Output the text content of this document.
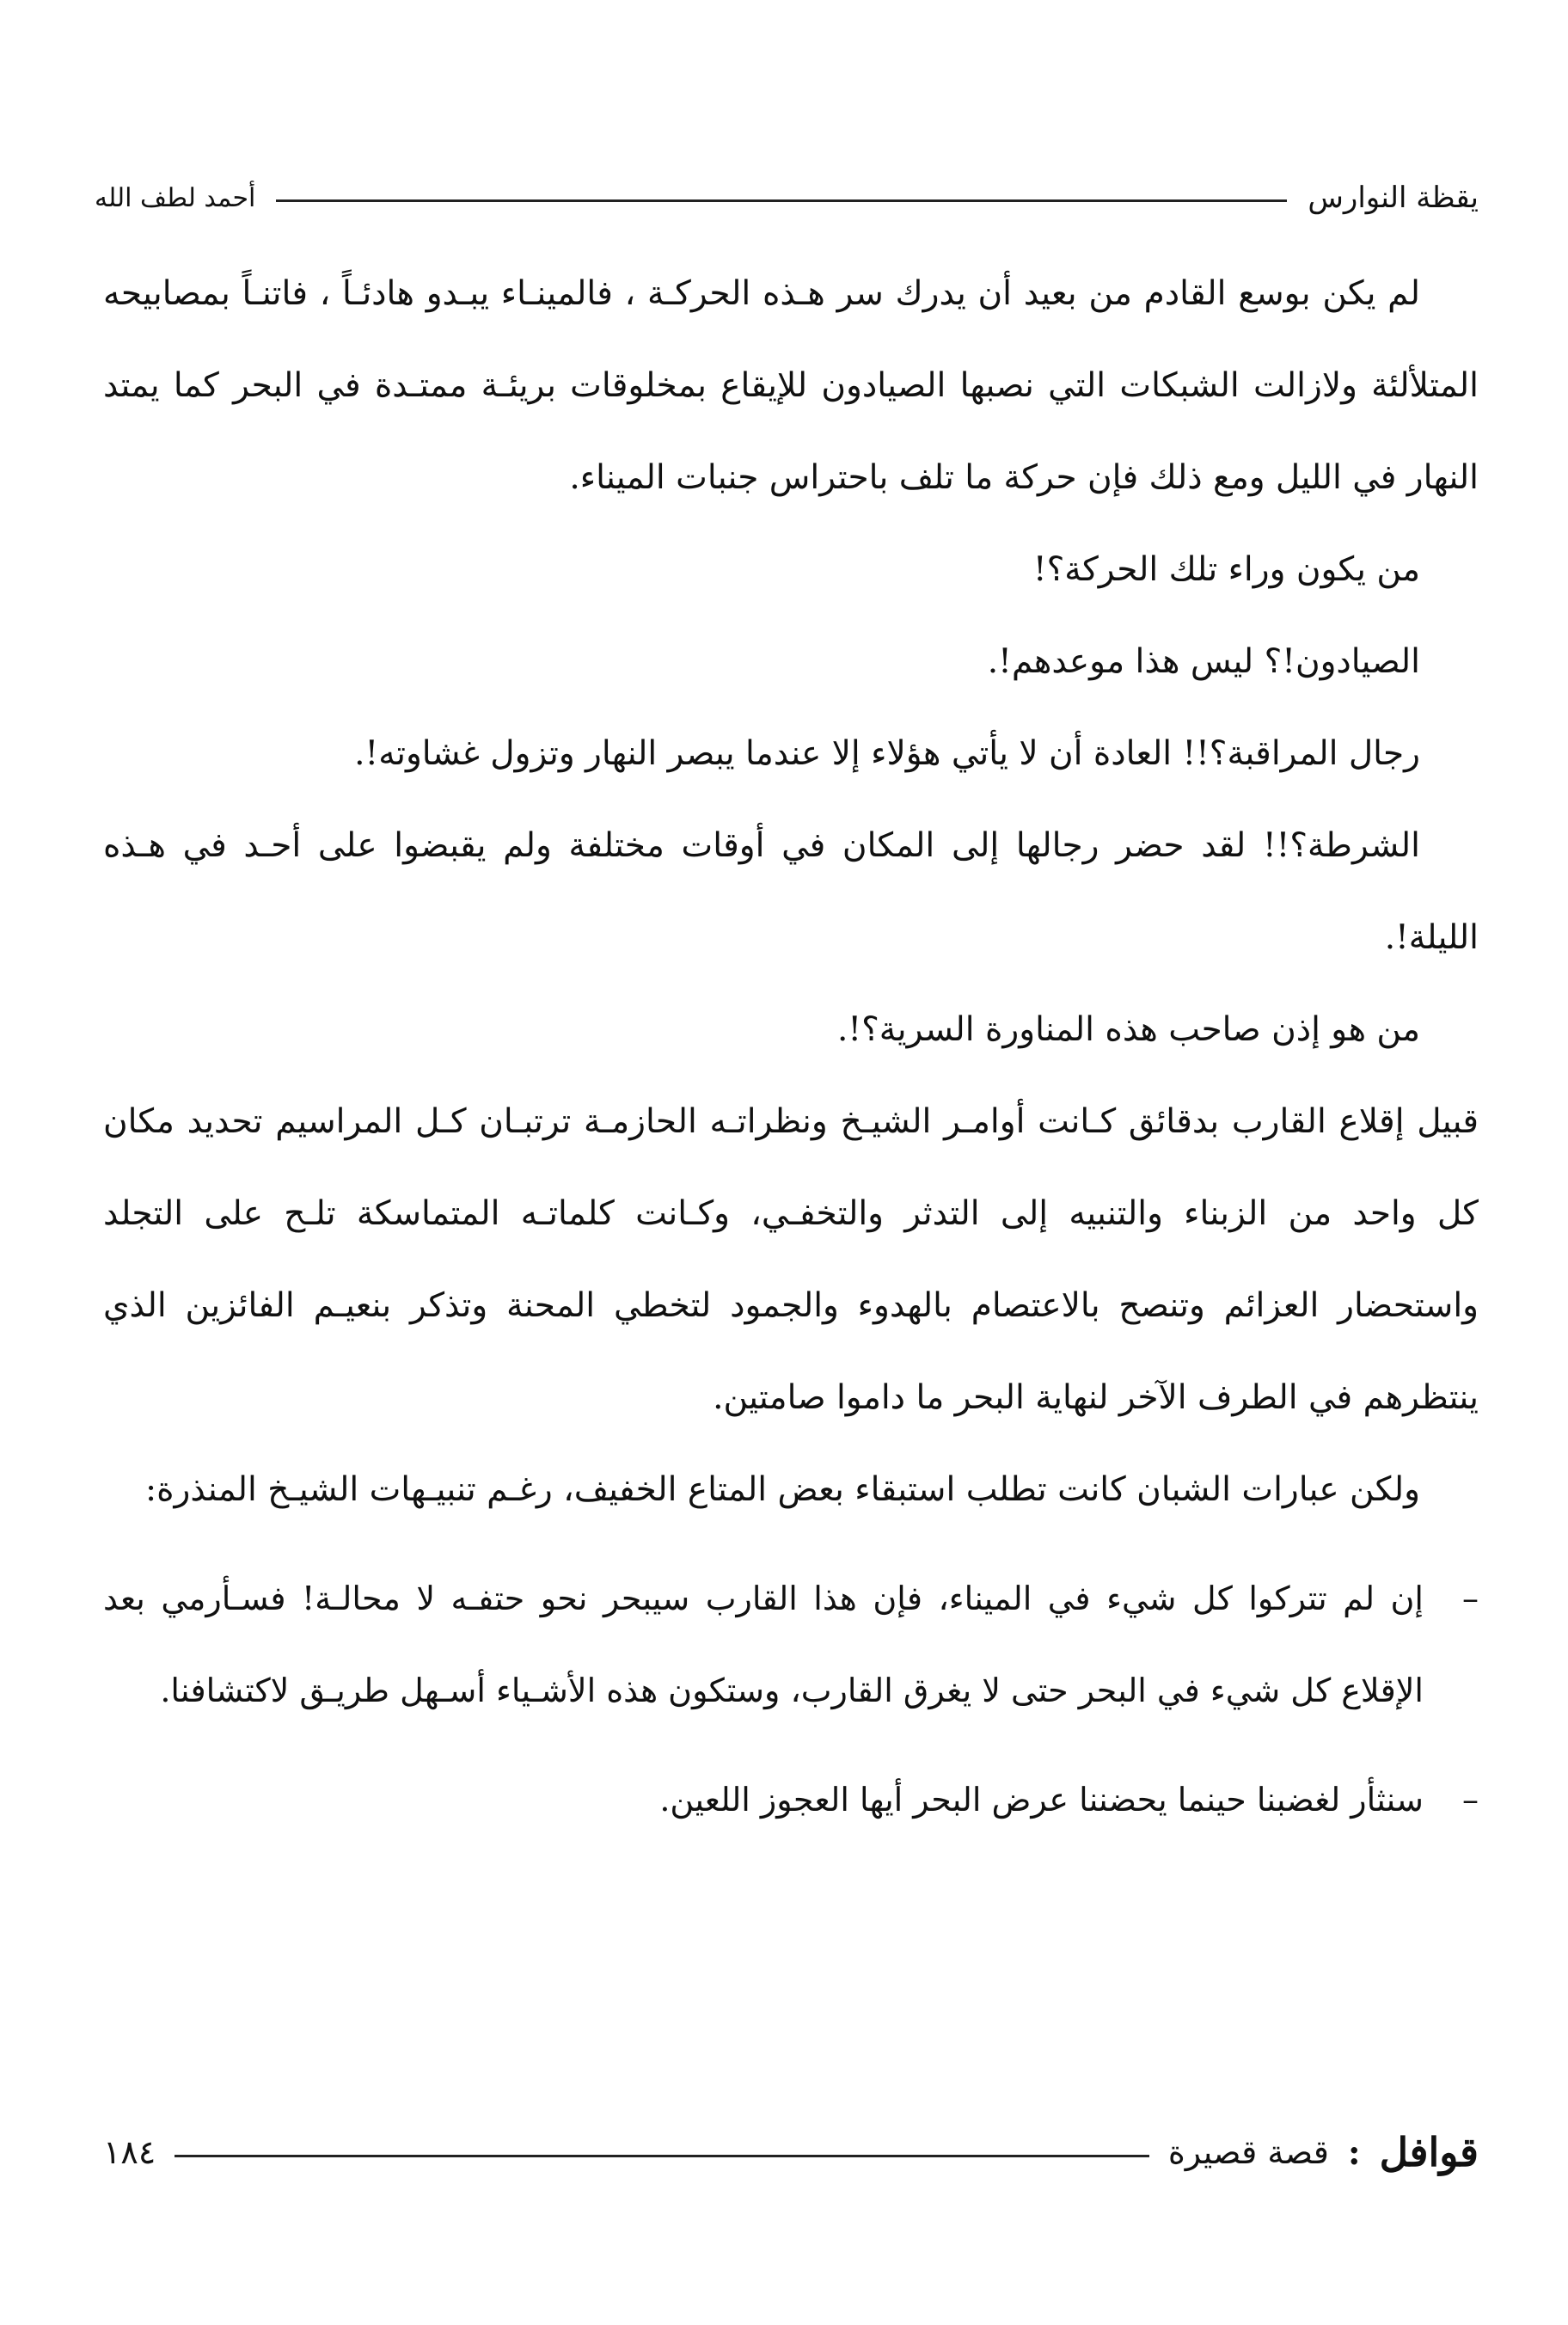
يقظة النوارس
أحمد لطف الله

لم يكن بوسع القادم من بعيد أن يدرك سر هـذه الحركـة ، فالمينـاء يبـدو هادئـاً ، فاتنـاً بمصابيحه المتلألئة ولازالت الشبكات التي نصبها الصيادون للإيقاع بمخلوقات بريئـة ممتـدة في البحر كما يمتد النهار في الليل ومع ذلك فإن حركة ما تلف باحتراس جنبات الميناء.

من يكون وراء تلك الحركة؟!

الصيادون!؟ ليس هذا موعدهم!.

رجال المراقبة؟!! العادة أن لا يأتي هؤلاء إلا عندما يبصر النهار وتزول غشاوته!.

الشرطة؟!! لقد حضر رجالها إلى المكان في أوقات مختلفة ولم يقبضوا على أحـد في هـذه الليلة!.

من هو إذن صاحب هذه المناورة السرية؟!.

قبيل إقلاع القارب بدقائق كـانت أوامـر الشيـخ ونظراتـه الحازمـة ترتبـان كـل المراسيم تحديد مكان كل واحد من الزبناء والتنبيه إلى التدثر والتخفـي، وكـانت كلماتـه المتماسكة تلـح على التجلد واستحضار العزائم وتنصح بالاعتصام بالهدوء والجمود لتخطي المحنة وتذكر بنعيـم الفائزين الذي ينتظرهم في الطرف الآخر لنهاية البحر ما داموا صامتين.

ولكن عبارات الشبان كانت تطلب استبقاء بعض المتاع الخفيف، رغـم تنبيـهات الشيـخ المنذرة:

–
إن لم تتركوا كل شيء في الميناء، فإن هذا القارب سيبحر نحو حتفـه لا محالـة! فسـأرمي بعد الإقلاع كل شيء في البحر حتى لا يغرق القارب، وستكون هذه الأشـياء أسـهل طريـق لاكتشافنا.

–
سنثأر لغضبنا حينما يحضننا عرض البحر أيها العجوز اللعين.

قوافل
:
قصة قصيرة
١٨٤
